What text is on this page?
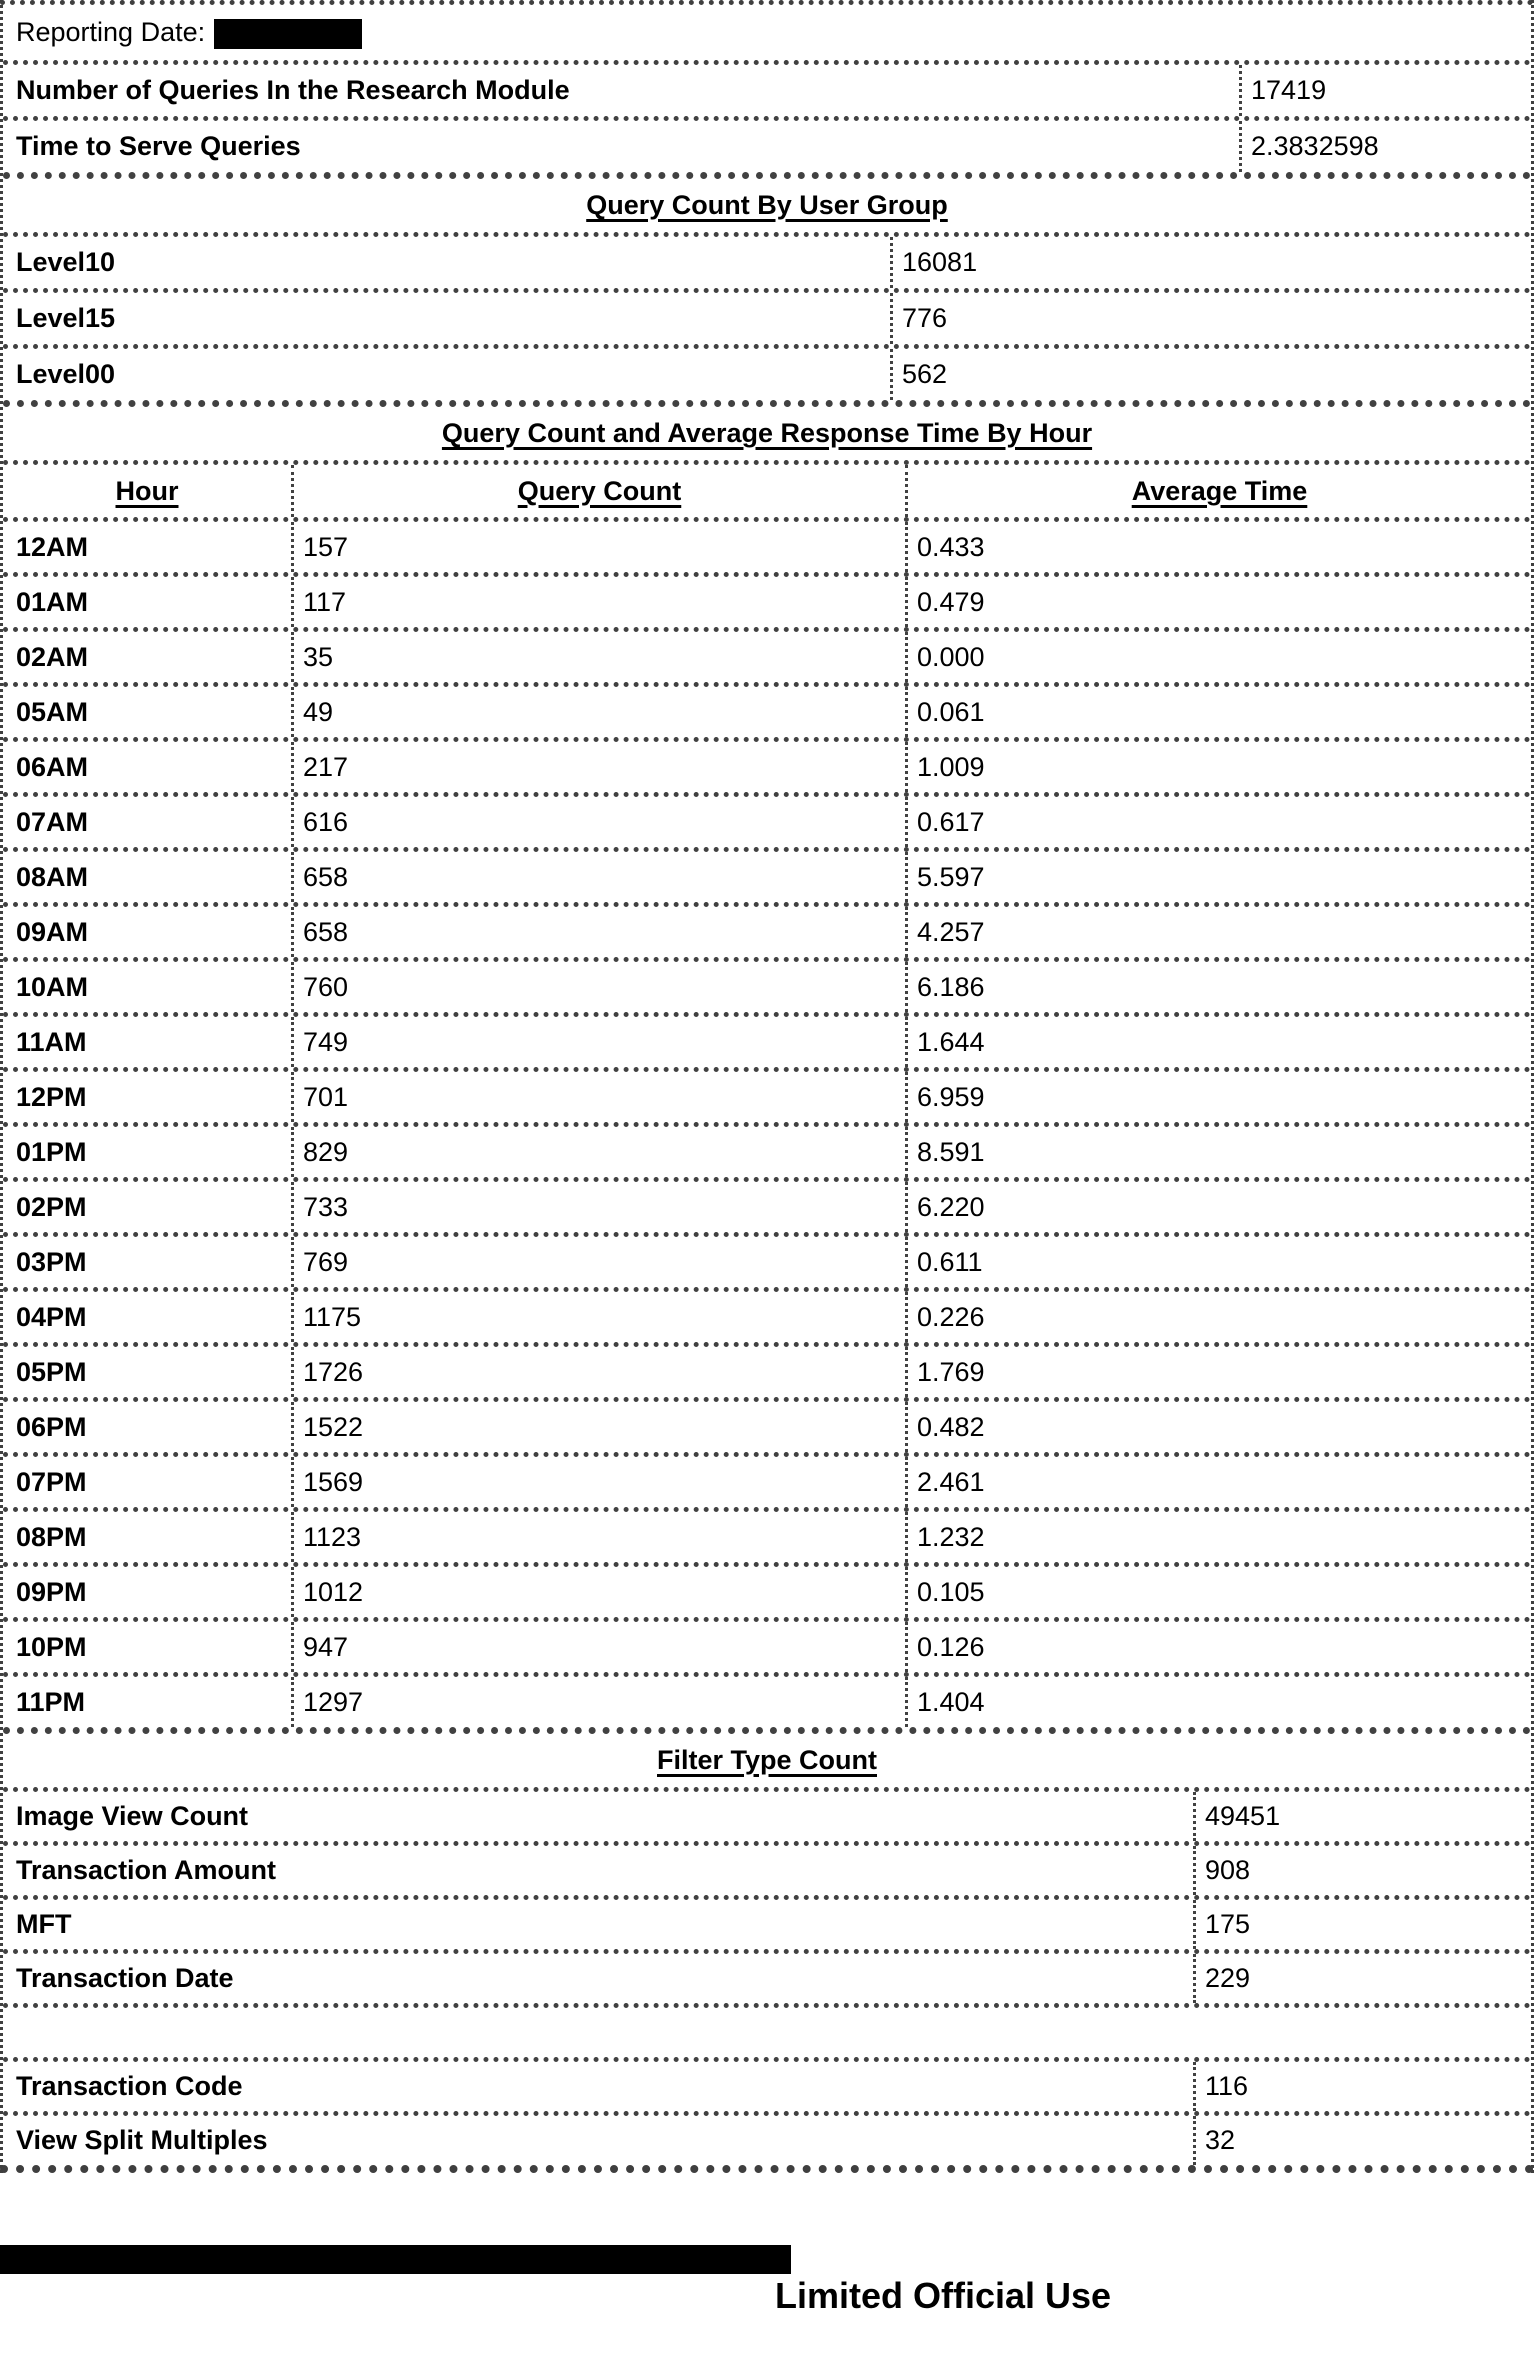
Reporting Date:
Number of Queries In the Research Module	17419
Time to Serve Queries	2.3832598
Query Count By User Group
Level10	16081
Level15	776
Level00	562
Query Count and Average Response Time By Hour
Hour	Query Count	Average Time
12AM	157	0.433
01AM	117	0.479
02AM	35	0.000
05AM	49	0.061
06AM	217	1.009
07AM	616	0.617
08AM	658	5.597
09AM	658	4.257
10AM	760	6.186
11AM	749	1.644
12PM	701	6.959
01PM	829	8.591
02PM	733	6.220
03PM	769	0.611
04PM	1175	0.226
05PM	1726	1.769
06PM	1522	0.482
07PM	1569	2.461
08PM	1123	1.232
09PM	1012	0.105
10PM	947	0.126
11PM	1297	1.404
Filter Type Count
Image View Count	49451
Transaction Amount	908
MFT	175
Transaction Date	229
Transaction Code	116
View Split Multiples	32
Limited Official Use
